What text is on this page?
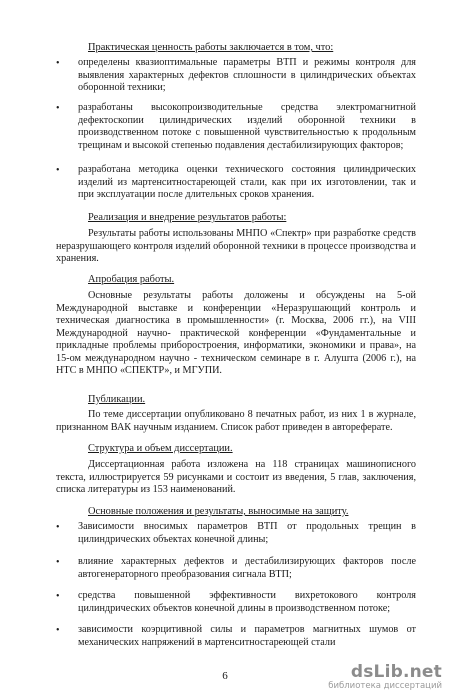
Практическая ценность работы заключается в том, что:
• определены квазиоптимальные параметры ВТП и режимы контроля для выявления характерных дефектов сплошности в цилиндрических объектах оборонной техники;
• разработаны высокопроизводительные средства электромагнитной дефектоскопии цилиндрических изделий оборонной техники в производственном потоке с повышенной чувствительностью к продольным трещинам и высокой степенью подавления дестабилизирующих факторов;
• разработана методика оценки технического состояния цилиндрических изделий из мартенситностареющей стали, как при их изготовлении, так и при эксплуатации после длительных сроков хранения.
Реализация и внедрение результатов работы:
Результаты работы использованы МНПО «Спектр» при разработке средств неразрушающего контроля изделий оборонной техники в процессе производства и хранения.
Апробация работы.
Основные результаты работы доложены и обсуждены на 5-ой Международной выставке и конференции «Неразрушающий контроль и техническая диагностика в промышленности» (г. Москва, 2006 гг.), на VIII Международной научно- практической конференции «Фундаментальные и прикладные проблемы приборостроения, информатики, экономики и права», на 15-ом международном научно - техническом семинаре в г. Алушта (2006 г.), на НТС в МНПО «СПЕКТР», и МГУПИ.
Публикации.
По теме диссертации опубликовано 8 печатных работ, из них 1 в журнале, признанном ВАК научным изданием. Список работ приведен в автореферате.
Структура и объем диссертации.
Диссертационная работа изложена на 118 страницах машинописного текста, иллюстрируется 59 рисунками и состоит из введения, 5 глав, заключения, списка литературы из 153 наименований.
Основные положения и результаты, выносимые на защиту.
• Зависимости вносимых параметров ВТП от продольных трещин в цилиндрических объектах конечной длины;
• влияние характерных дефектов и дестабилизирующих факторов после автогенераторного преобразования сигнала ВТП;
• средства повышенной эффективности вихретокового контроля цилиндрических объектов конечной длины в производственном потоке;
• зависимости коэрцитивной силы и параметров магнитных шумов от механических напряжений в мартенситностареющей стали
6	dsLib.net
библиотека диссертаций
